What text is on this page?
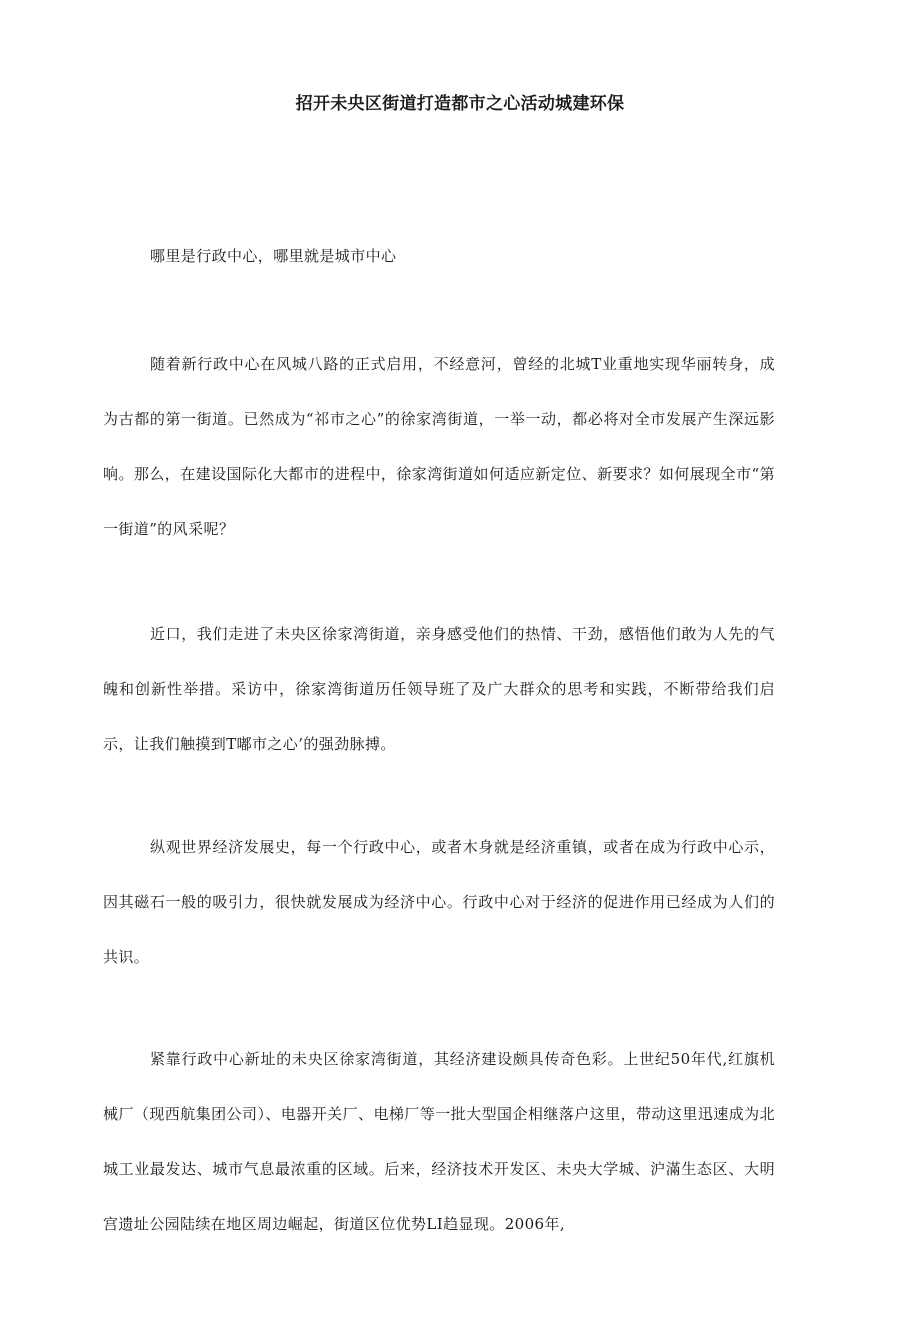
招开未央区街道打造都市之心活动城建环保

哪里是行政中心，哪里就是城市中心

随着新行政中心在风城八路的正式启用，不经意河，曾经的北城T业重地实现华丽转身，成为古都的第一街道。已然成为“祁市之心”的徐家湾街道，一举一动，都必将对全市发展产生深远影响。那么，在建设国际化大都市的进程中，徐家湾街道如何适应新定位、新要求？如何展现全市“第一街道”的风采呢？

近口，我们走进了未央区徐家湾街道，亲身感受他们的热情、干劲，感悟他们敢为人先的气魄和创新性举措。采访中，徐家湾街道历任领导班了及广大群众的思考和实践，不断带给我们启示，让我们触摸到T嘟市之心’的强劲脉搏。

纵观世界经济发展史，每一个行政中心，或者木身就是经济重镇，或者在成为行政中心示，因其磁石一般的吸引力，很快就发展成为经济中心。行政中心对于经济的促进作用已经成为人们的共识。

紧靠行政中心新址的未央区徐家湾街道，其经济建设颇具传奇色彩。上世纪50年代,红旗机械厂（现西航集团公司）、电器开关厂、电梯厂等一批大型国企相继落户这里，带动这里迅速成为北城工业最发达、城市气息最浓重的区域。后来，经济技术开发区、未央大学城、沪滿生态区、大明宫遗址公园陆续在地区周边崛起，街道区位优势LI趋显现。2006年,
